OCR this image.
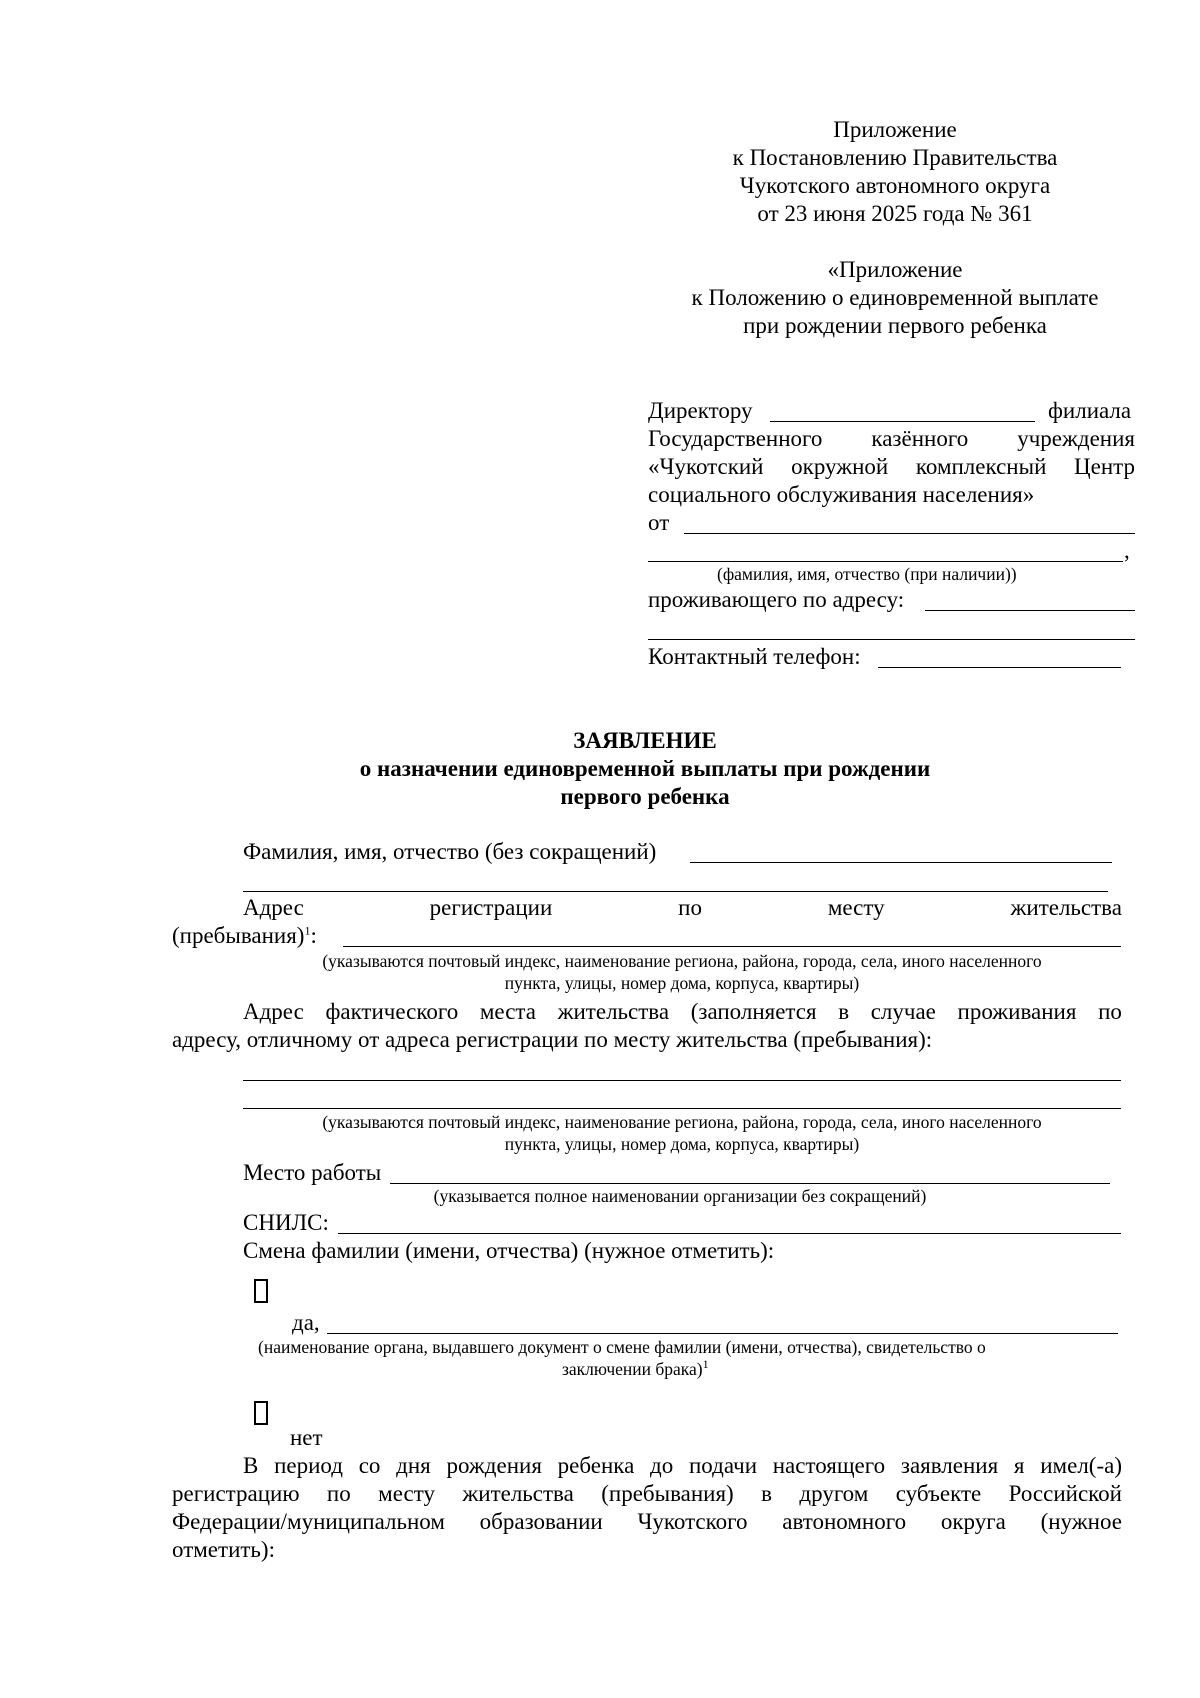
Приложение
к Постановлению Правительства
Чукотского автономного округа
от 23 июня 2025 года № 361
«Приложение
к Положению о единовременной выплате
при рождении первого ребенка
Директору	филиала
Государственного казённого учреждения
«Чукотский окружной комплексный Центр
социального обслуживания населения»
от
,
(фамилия, имя, отчество (при наличии))
проживающего по адресу:
Контактный телефон:
ЗАЯВЛЕНИЕ
о назначении единовременной выплаты при рождении
первого ребенка
Фамилия, имя, отчество (без сокращений)
Адрес	регистрации	по	месту	жительства
(пребывания)$^1$:
(указываются почтовый индекс, наименование региона, района, города, села, иного населенного
пункта, улицы, номер дома, корпуса, квартиры)
Адрес фактического места жительства (заполняется в случае проживания по
адресу, отличному от адреса регистрации по месту жительства (пребывания):
(указываются почтовый индекс, наименование региона, района, города, села, иного населенного
пункта, улицы, номер дома, корпуса, квартиры)
Место работы
(указывается полное наименовании организации без сокращений)
СНИЛС:
Смена фамилии (имени, отчества) (нужное отметить):
да,
(наименование органа, выдавшего документ о смене фамилии (имени, отчества), свидетельство о
заключении брака)$^1$
нет
В период со дня рождения ребенка до подачи настоящего заявления я имел(-а)
регистрацию по месту жительства (пребывания) в другом субъекте Российской
Федерации/муниципальном образовании Чукотского автономного округа (нужное
отметить):
